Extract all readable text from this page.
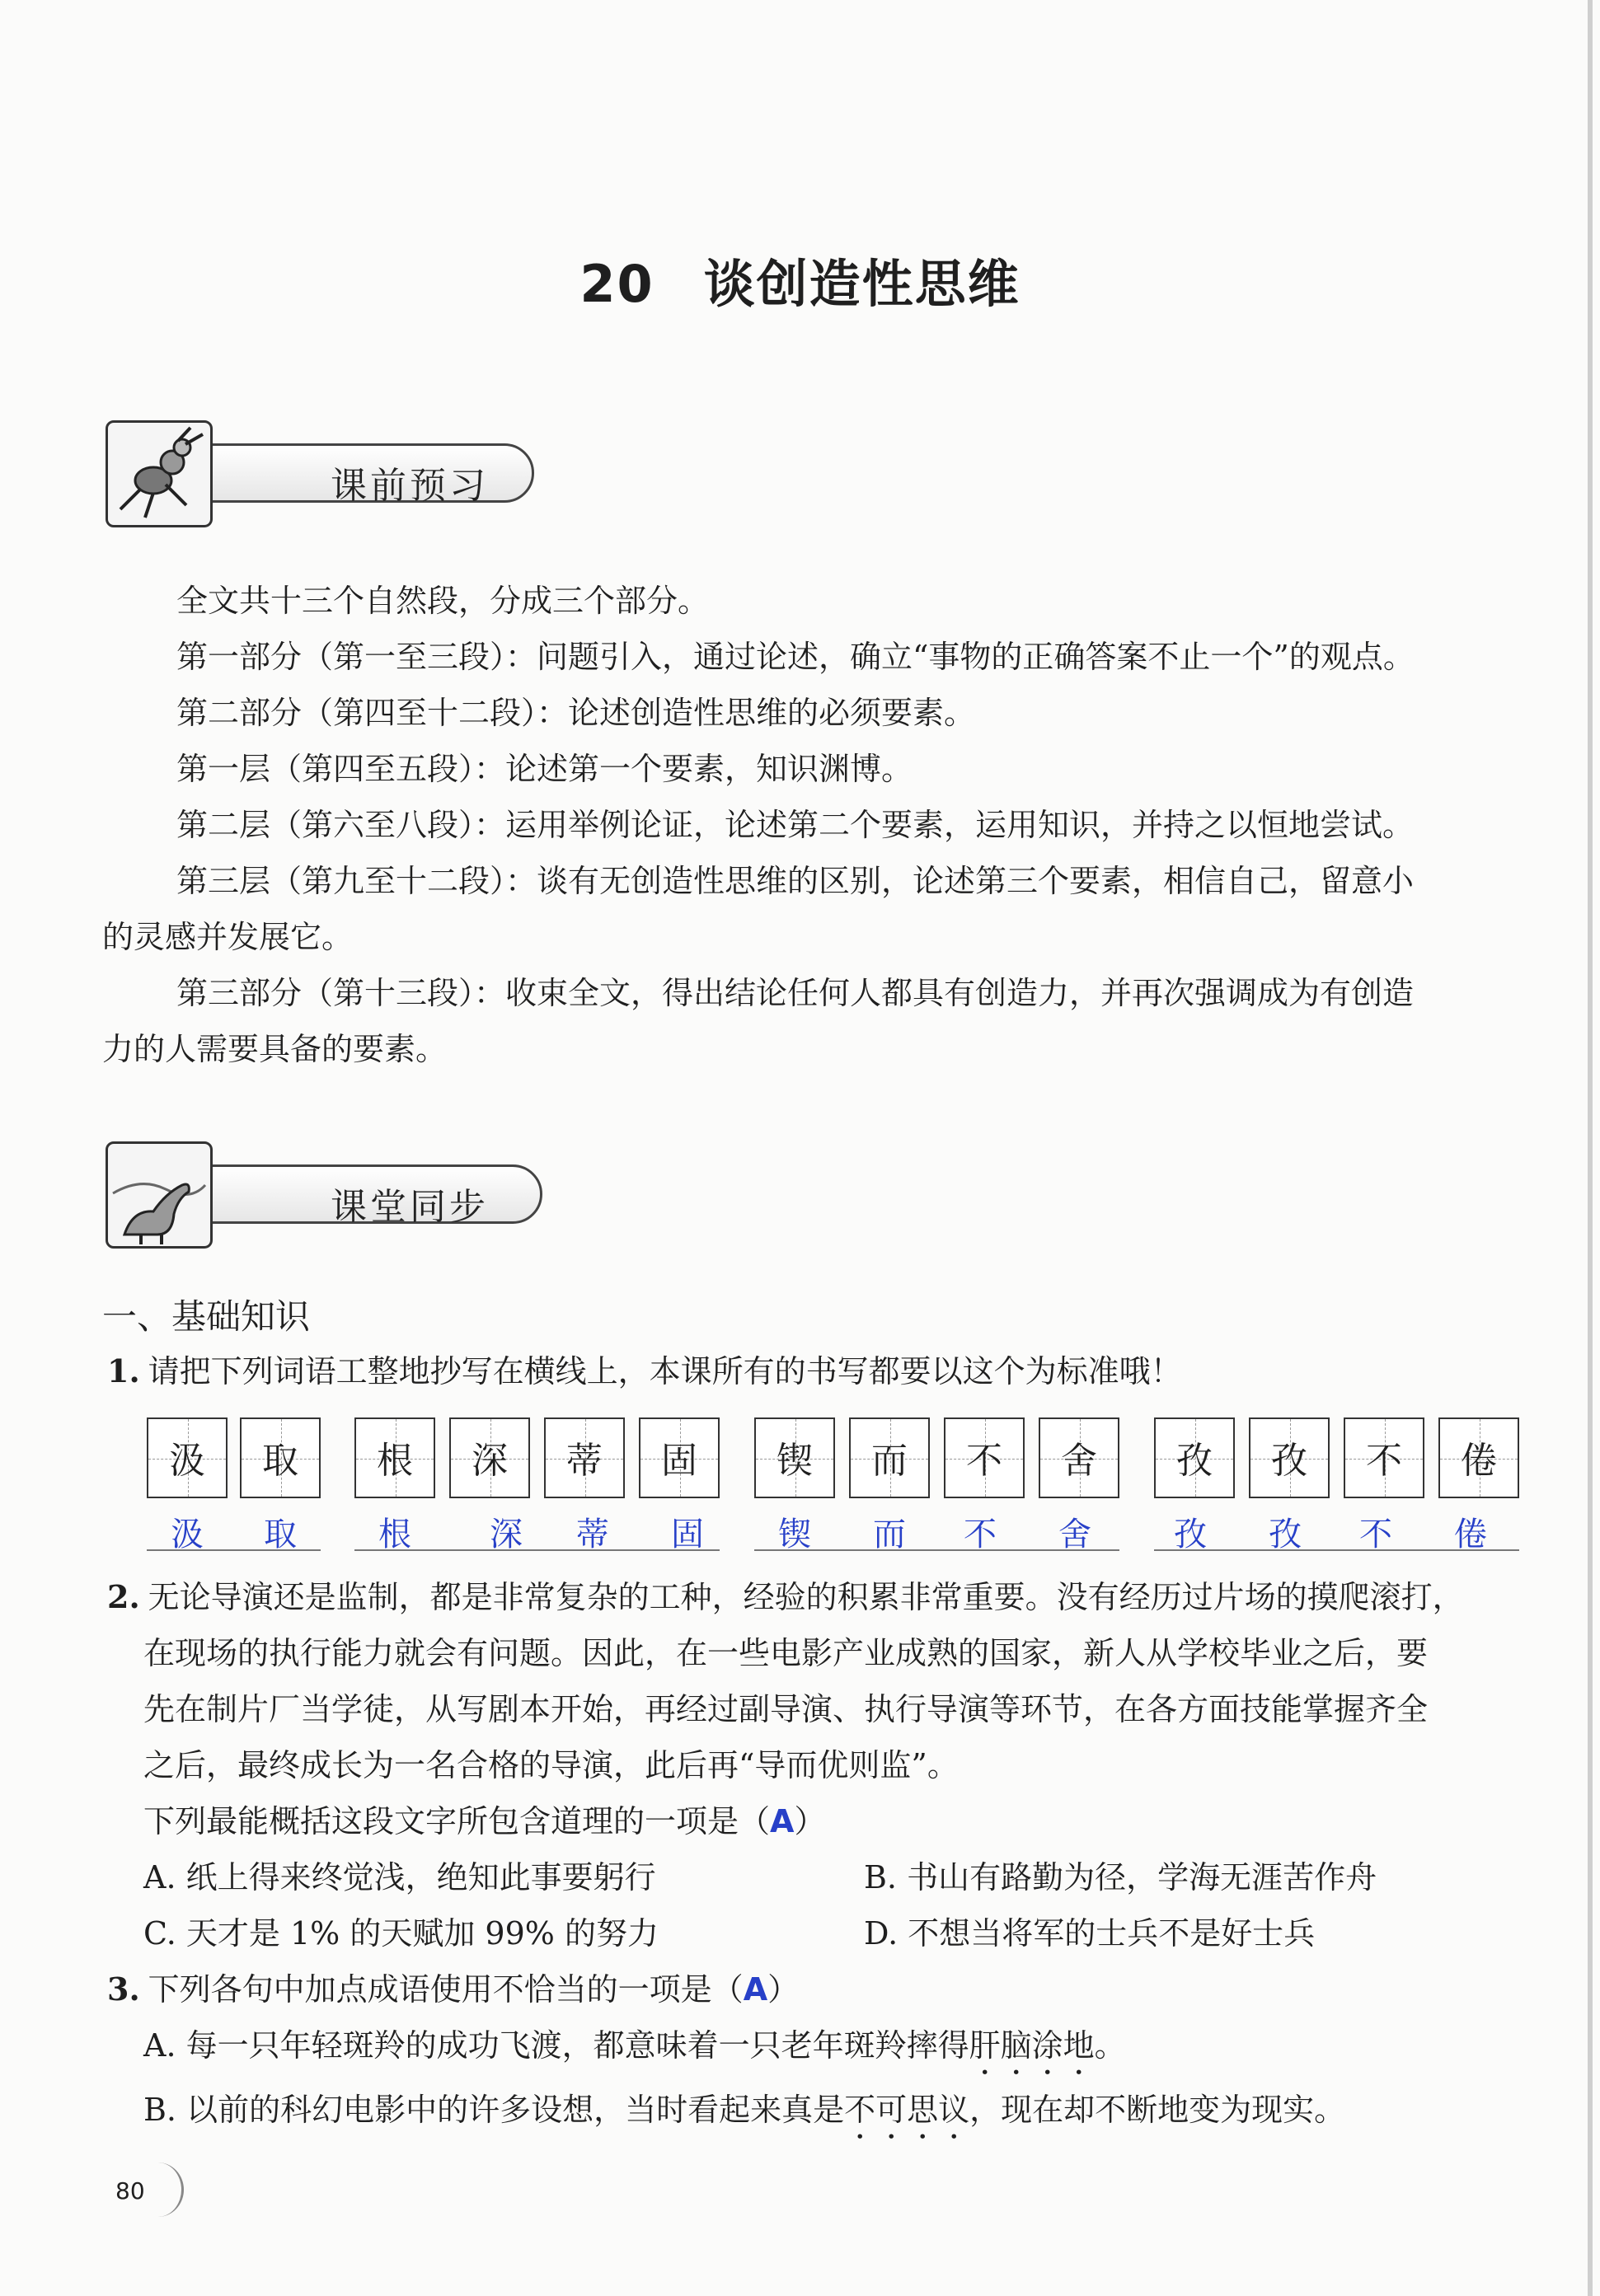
20 谈创造性思维
课前预习

全文共十三个自然段，分成三个部分。

第一部分（第一至三段）：问题引入，通过论述，确立“事物的正确答案不止一个”的观点。

第二部分（第四至十二段）：论述创造性思维的必须要素。

第一层（第四至五段）：论述第一个要素，知识渊博。

第二层（第六至八段）：运用举例论证，论述第二个要素，运用知识，并持之以恒地尝试。

第三层（第九至十二段）：谈有无创造性思维的区别，论述第三个要素，相信自己，留意小

的灵感并发展它。

第三部分（第十三段）：收束全文，得出结论任何人都具有创造力，并再次强调成为有创造

力的人需要具备的要素。

课堂同步
一、基础知识

1. 请把下列词语工整地抄写在横线上，本课所有的书写都要以这个为标准哦！

汲	取
汲	取
根	深	蒂	固
根	深	蒂	固
锲	而	不	舍
锲	而	不	舍
孜	孜	不	倦
孜	孜	不	倦

2. 无论导演还是监制，都是非常复杂的工种，经验的积累非常重要。没有经历过片场的摸爬滚打，

在现场的执行能力就会有问题。因此，在一些电影产业成熟的国家，新人从学校毕业之后，要

先在制片厂当学徒，从写剧本开始，再经过副导演、执行导演等环节，在各方面技能掌握齐全

之后，最终成长为一名合格的导演，此后再“导而优则监”。

下列最能概括这段文字所包含道理的一项是（A）

A. 纸上得来终觉浅，绝知此事要躬行	B. 书山有路勤为径，学海无涯苦作舟
C. 天才是 1% 的天赋加 99% 的努力	D. 不想当将军的士兵不是好士兵

3. 下列各句中加点成语使用不恰当的一项是（A）

A. 每一只年轻斑羚的成功飞渡，都意味着一只老年斑羚摔得肝脑涂地。

B. 以前的科幻电影中的许多设想，当时看起来真是不可思议，现在却不断地变为现实。

80
